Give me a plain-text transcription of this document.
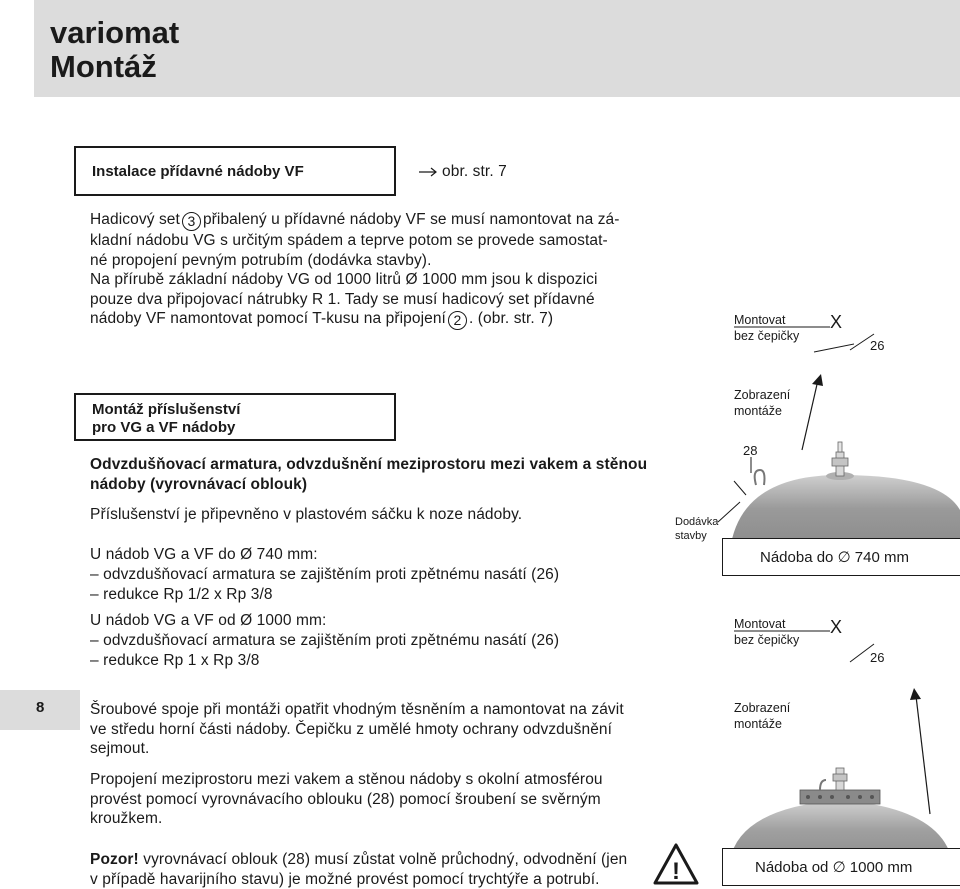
variomat
Montáž
Instalace přídavné nádoby VF	obr. str. 7
Hadicový set 3 přibalený u přídavné nádoby VF se musí namontovat na zá-
kladní nádobu VG s určitým spádem a teprve potom se provede samostat-
né propojení pevným potrubím (dodávka stavby).
Na přírubě základní nádoby VG od 1000 litrů Ø 1000 mm jsou k dispozici
pouze dva připojovací nátrubky R 1. Tady se musí hadicový set přídavné
nádoby VF namontovat pomocí T-kusu na připojení 2 . (obr. str. 7)
Montáž příslušenství
pro VG a VF nádoby
Odvzdušňovací armatura, odvzdušnění meziprostoru mezi vakem a stěnou
nádoby (vyrovnávací oblouk)
Příslušenství je připevněno v plastovém sáčku k noze nádoby.
U nádob VG a VF do Ø 740 mm:
– odvzdušňovací armatura se zajištěním proti zpětnému nasátí (26)
– redukce Rp 1/2 x Rp 3/8
U nádob VG a VF od Ø 1000 mm:
– odvzdušňovací armatura se zajištěním proti zpětnému nasátí (26)
– redukce Rp 1 x Rp 3/8
8	Šroubové spoje při montáži opatřit vhodným těsněním a namontovat na závit
ve středu horní části nádoby. Čepičku z umělé hmoty ochrany odvzdušnění
sejmout.
Propojení meziprostoru mezi vakem a stěnou nádoby s okolní atmosférou
provést pomocí vyrovnávacího oblouku (28) pomocí šroubení se svěrným
kroužkem.
Pozor! vyrovnávací oblouk (28) musí zůstat volně průchodný, odvodnění (jen
v případě havarijního stavu) je možné provést pomocí trychtýře a potrubí.	!
Montovat
bez čepičky
X
26
Zobrazení
montáže
28
Dodávka
stavby
Nádoba do ∅ 740 mm
Montovat
bez čepičky
X
26
Zobrazení
montáže
Nádoba od ∅ 1000 mm
